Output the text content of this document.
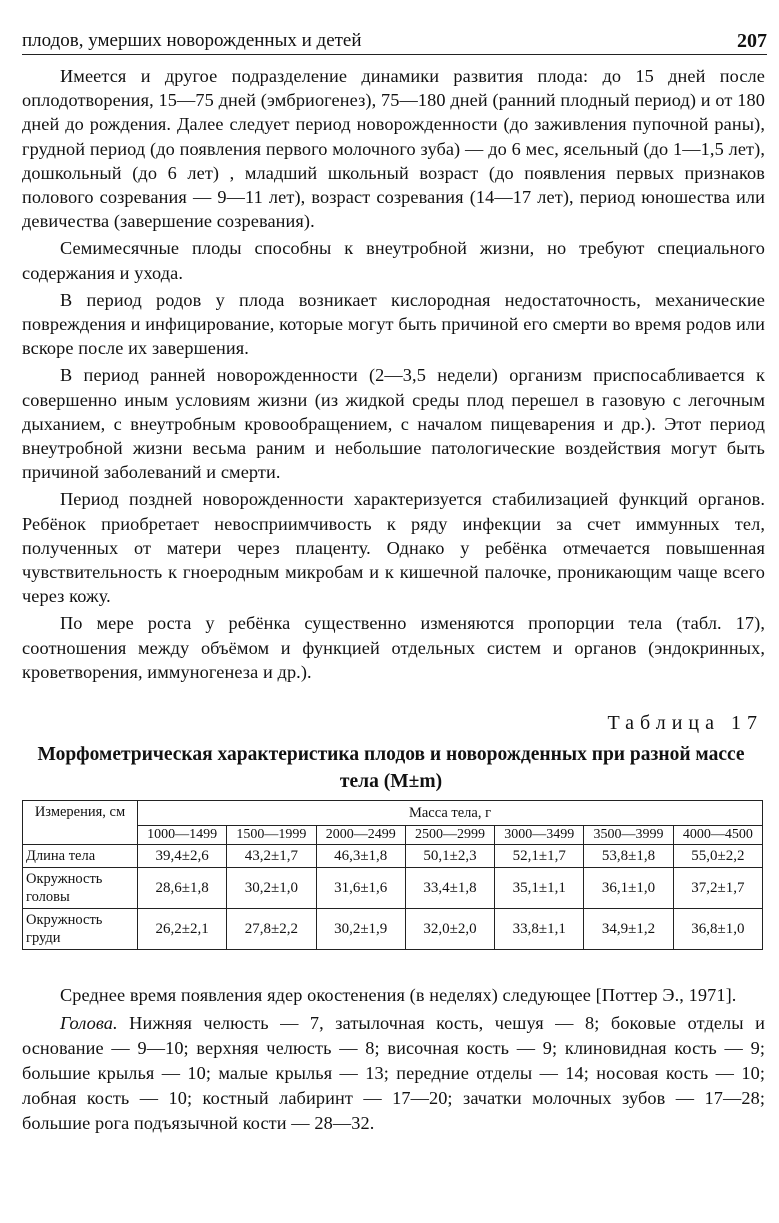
плодов, умерших новорожденных и детей	207

Имеется и другое подразделение динамики развития плода: до 15 дней после оплодотворения, 15—75 дней (эмбриогенез), 75—180 дней (ранний плодный период) и от 180 дней до рождения. Далее следует период новорожденности (до заживления пупочной раны), грудной период (до появления первого молочного зуба) — до 6 мес, ясельный (до 1—1,5 лет), дошкольный (до 6 лет) , младший школьный возраст (до появления первых признаков полового созревания — 9—11 лет), возраст созревания (14—17 лет), период юношества или девичества (завершение созревания).

Семимесячные плоды способны к внеутробной жизни, но требуют специального содержания и ухода.

В период родов у плода возникает кислородная недостаточность, механические повреждения и инфицирование, которые могут быть причиной его смерти во время родов или вскоре после их завершения.

В период ранней новорожденности (2—3,5 недели) организм приспосабливается к совершенно иным условиям жизни (из жидкой среды плод перешел в газовую с легочным дыханием, с внеутробным кровообращением, с началом пищеварения и др.). Этот период внеутробной жизни весьма раним и небольшие патологические воздействия могут быть причиной заболеваний и смерти.

Период поздней новорожденности характеризуется стабилизацией функций органов. Ребёнок приобретает невосприимчивость к ряду инфекции за счет иммунных тел, полученных от матери через плаценту. Однако у ребёнка отмечается повышенная чувствительность к гноеродным микробам и к кишечной палочке, проникающим чаще всего через кожу.

По мере роста у ребёнка существенно изменяются пропорции тела (табл. 17), соотношения между объёмом и функцией отдельных систем и органов (эндокринных, кроветворения, иммуногенеза и др.).

Таблица 17
Морфометрическая характеристика плодов и новорожденных при разной массе тела (M±m)
Измерения, см	Масса тела, г						
	1000—1499	1500—1999	2000—2499	2500—2999	3000—3499	3500—3999	4000—4500
Длина тела	39,4±2,6	43,2±1,7	46,3±1,8	50,1±2,3	52,1±1,7	53,8±1,8	55,0±2,2
Окружность головы	28,6±1,8	30,2±1,0	31,6±1,6	33,4±1,8	35,1±1,1	36,1±1,0	37,2±1,7
Окружность груди	26,2±2,1	27,8±2,2	30,2±1,9	32,0±2,0	33,8±1,1	34,9±1,2	36,8±1,0

Среднее время появления ядер окостенения (в неделях) следующее [Поттер Э., 1971].

Голова. Нижняя челюсть — 7, затылочная кость, чешуя — 8; боковые отделы и основание — 9—10; верхняя челюсть — 8; височная кость — 9; клиновидная кость — 9; большие крылья — 10; малые крылья — 13; передние отделы — 14; носовая кость — 10; лобная кость — 10; костный лабиринт — 17—20; зачатки молочных зубов — 17—28; большие рога подъязычной кости — 28—32.
